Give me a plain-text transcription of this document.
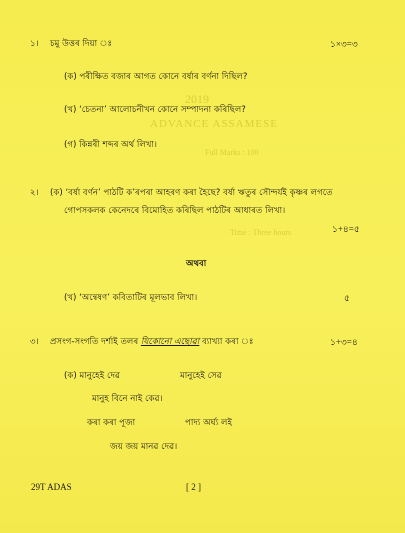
2019
ADVANCE ASSAMESE
Full Marks : 100
Time : Three hours
১। চমু উত্তৰ দিয়া ঃ	১×৩=৩
(ক) পৰীক্ষিত বজাৰ আগত কোনে বৰ্ষাৰ বৰ্ণনা দিছিল?
(খ) ‘চেতনা’ আলোচনীখন কোনে সম্পাদনা কৰিছিল?
(গ) কিন্নৰী শব্দৰ অৰ্থ লিখা।
২। (ক) ‘বৰ্ষা বৰ্ণন’ পাঠটি ক’ৰপৰা আহৰণ কৰা হৈছে? বৰ্ষা ঋতুৰ সৌন্দৰ্যই কৃষ্ণৰ লগতে
গোপসকলক কেনেদৰে বিমোহিত কৰিছিল পাঠটিৰ আধাৰত লিখা।
১+৪=৫
অথবা
(খ) ‘অন্বেষণ’ কবিতাটিৰ মূলভাব লিখা।	৫
৩। প্ৰসংগ-সংগতি দৰ্শাই তলৰ যিকোনো এছোৱা ব্যাখ্যা কৰা ঃ	১+৩=৪
(ক) মানুহেই দেৱ	মানুহেই সেৱ
মানুহ বিনে নাই কেৱ।
কৰা কৰা পূজা	পাদ্য অৰ্ঘ্য লই
জয় জয় মানৱ দেৱ।
29T ADAS	[ 2 ]
